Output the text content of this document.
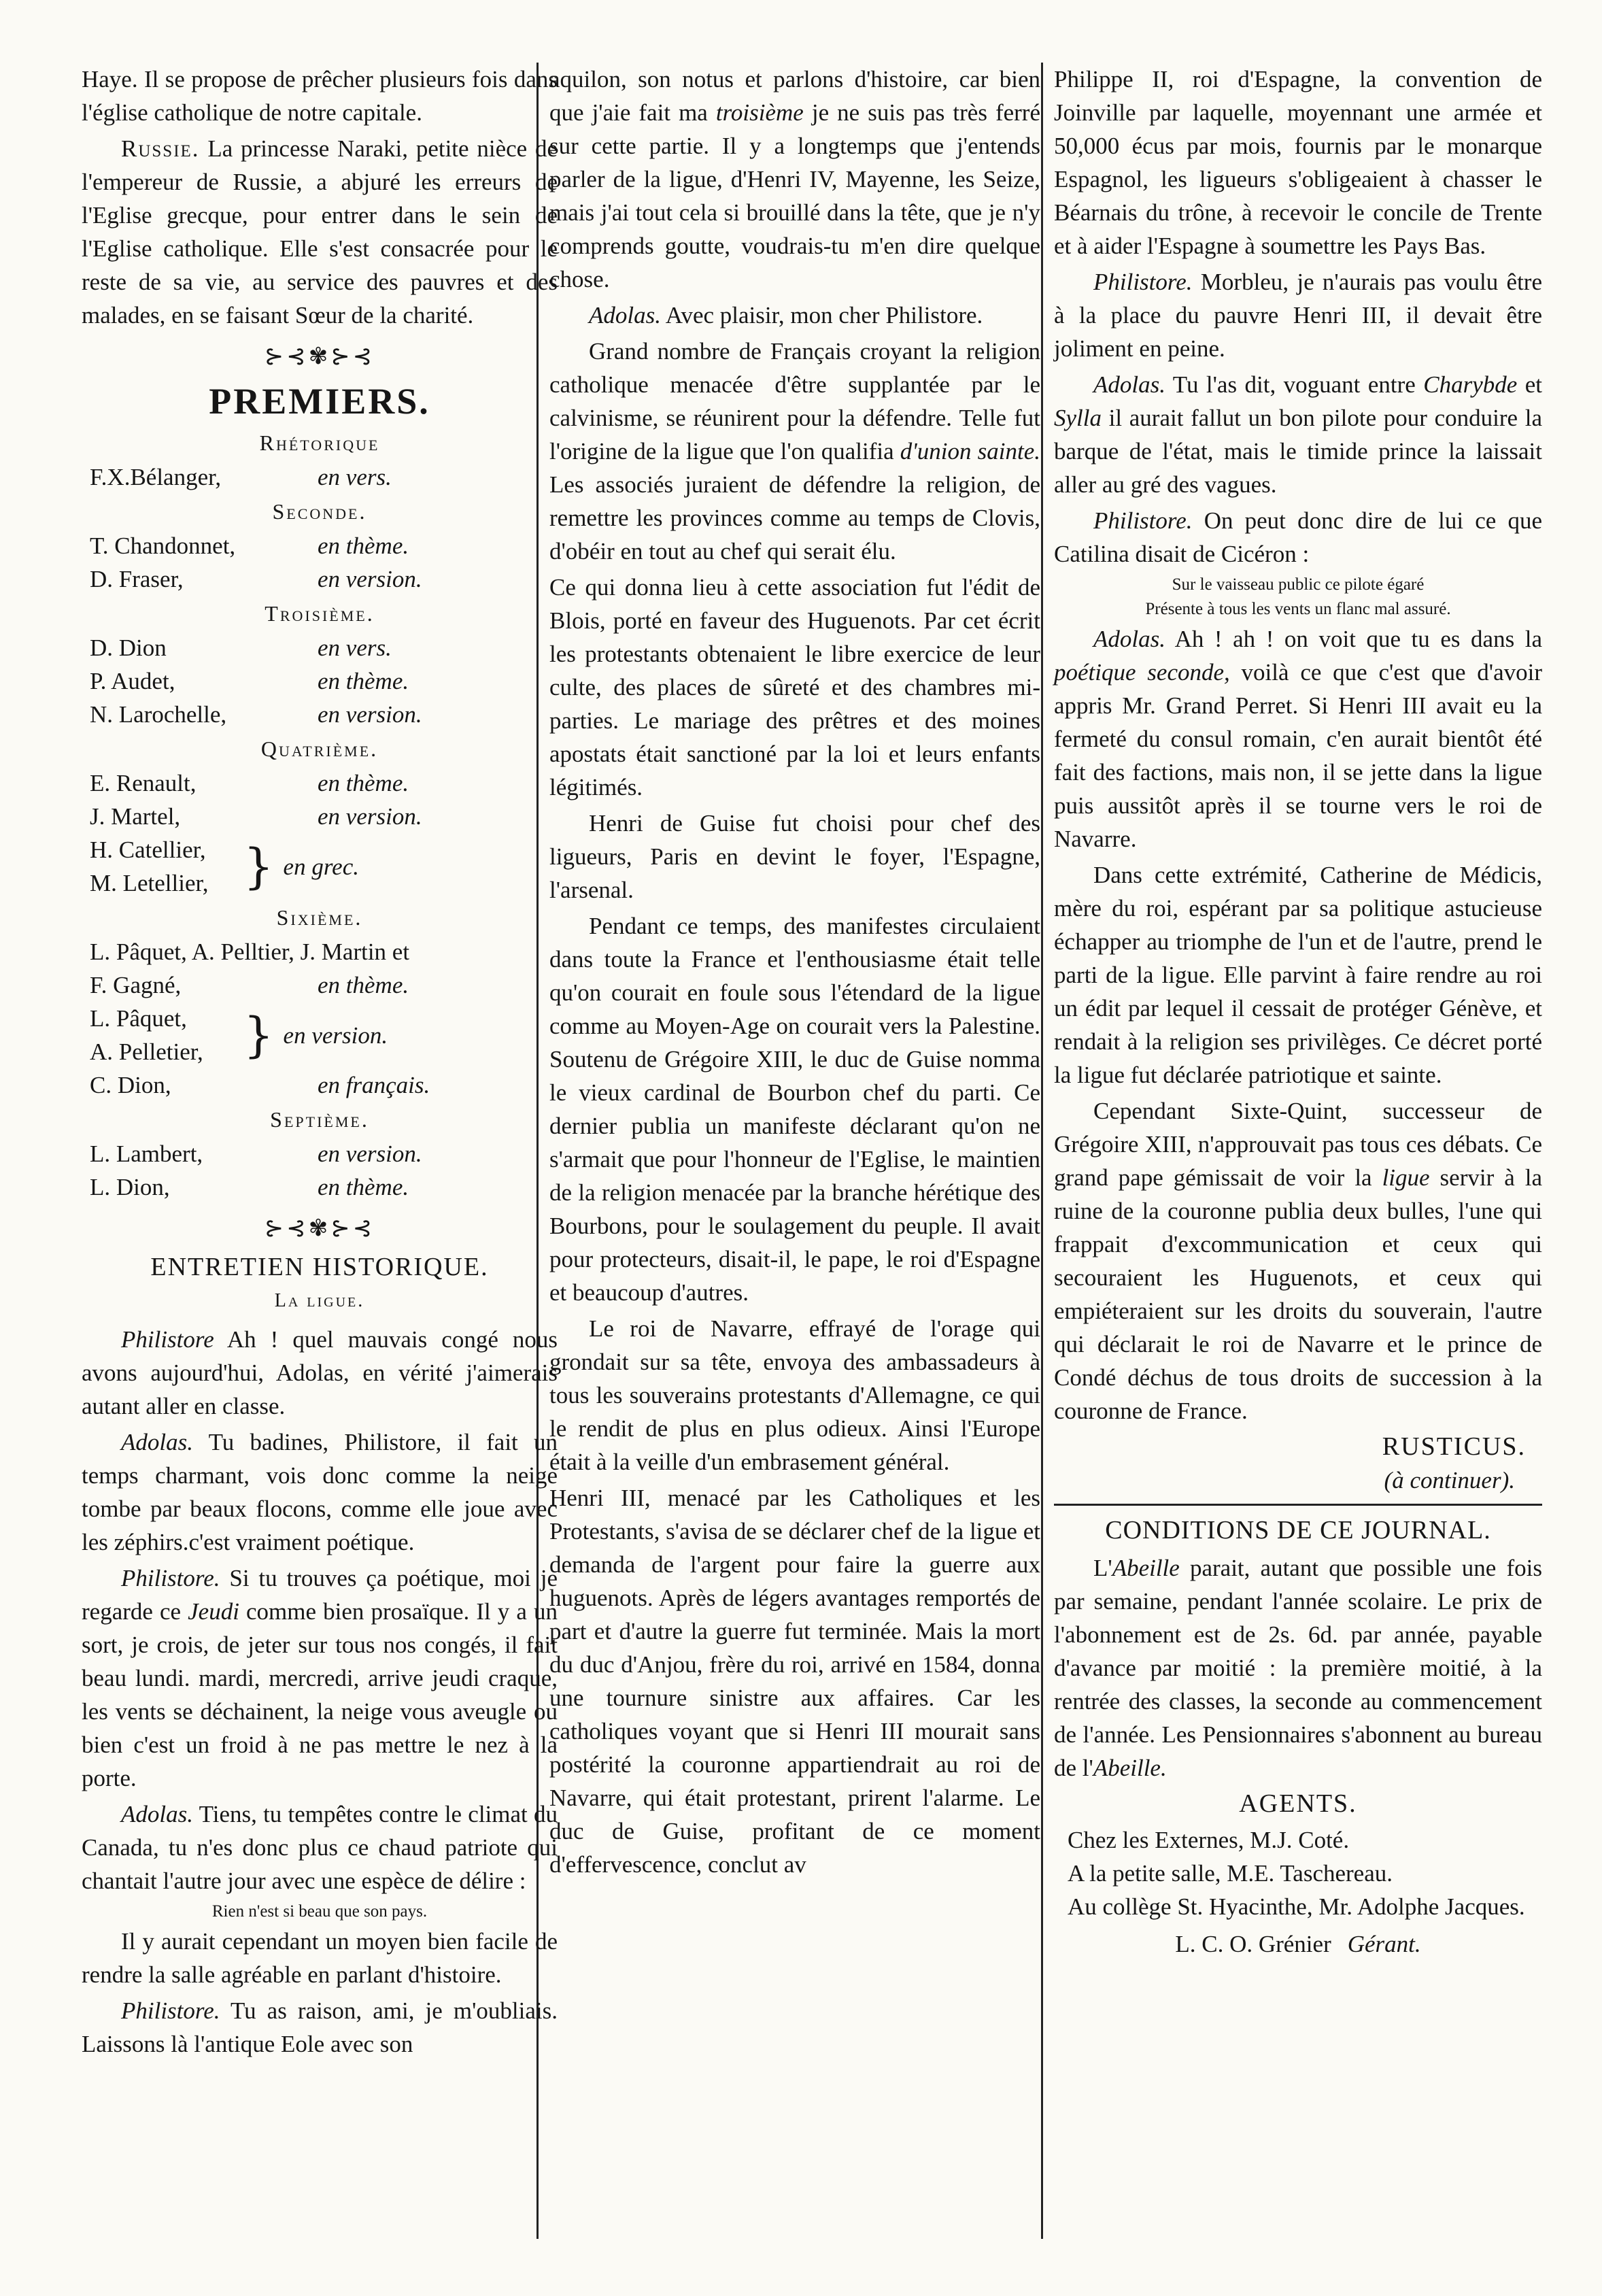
Haye. Il se propose de prêcher plusieurs fois dans l'église catholique de notre capitale.

Russie. La princesse Naraki, petite nièce de l'empereur de Russie, a abjuré les erreurs de l'Eglise grecque, pour entrer dans le sein de l'Eglise catholique. Elle s'est consacrée pour le reste de sa vie, au service des pauvres et des malades, en se faisant Sœur de la charité.

⊱⊰✾⊱⊰
PREMIERS.
Rhétorique
F.X.Bélanger,	en vers.
Seconde.
T. Chandonnet,	en thème.
D. Fraser,	en version.
Troisième.
D. Dion	en vers.
P. Audet,	en thème.
N. Larochelle,	en version.
Quatrième.
E. Renault,	en thème.
J. Martel,	en version.
H. Catellier,
M. Letellier, } en grec.
Sixième.
L. Pâquet, A. Pelltier, J. Martin et
F. Gagné,	en thème.
L. Pâquet,
A. Pelletier, } en version.
C. Dion,	en français.
Septième.
L. Lambert,	en version.
L. Dion,	en thème.
⊱⊰✾⊱⊰
ENTRETIEN HISTORIQUE.
La ligue.

Philistore Ah ! quel mauvais congé nous avons aujourd'hui, Adolas, en vérité j'aimerais autant aller en classe.

Adolas. Tu badines, Philistore, il fait un temps charmant, vois donc comme la neige tombe par beaux flocons, comme elle joue avec les zéphirs.c'est vraiment poétique.

Philistore. Si tu trouves ça poétique, moi je regarde ce Jeudi comme bien prosaïque. Il y a un sort, je crois, de jeter sur tous nos congés, il fait beau lundi. mardi, mercredi, arrive jeudi craque, les vents se déchainent, la neige vous aveugle ou bien c'est un froid à ne pas mettre le nez à la porte.

Adolas. Tiens, tu tempêtes contre le climat du Canada, tu n'es donc plus ce chaud patriote qui chantait l'autre jour avec une espèce de délire :

Rien n'est si beau que son pays.

Il y aurait cependant un moyen bien facile de rendre la salle agréable en parlant d'histoire.

Philistore. Tu as raison, ami, je m'oubliais. Laissons là l'antique Eole avec son

aquilon, son notus et parlons d'histoire, car bien que j'aie fait ma troisième je ne suis pas très ferré sur cette partie. Il y a longtemps que j'entends parler de la ligue, d'Henri IV, Mayenne, les Seize, mais j'ai tout cela si brouillé dans la tête, que je n'y comprends goutte, voudrais-tu m'en dire quelque chose.

Adolas. Avec plaisir, mon cher Philistore.

Grand nombre de Français croyant la religion catholique menacée d'être supplantée par le calvinisme, se réunirent pour la défendre. Telle fut l'origine de la ligue que l'on qualifia d'union sainte. Les associés juraient de défendre la religion, de remettre les provinces comme au temps de Clovis, d'obéir en tout au chef qui serait élu.

Ce qui donna lieu à cette association fut l'édit de Blois, porté en faveur des Huguenots. Par cet écrit les protestants obtenaient le libre exercice de leur culte, des places de sûreté et des chambres mi-parties. Le mariage des prêtres et des moines apostats était sanctioné par la loi et leurs enfants légitimés.

Henri de Guise fut choisi pour chef des ligueurs, Paris en devint le foyer, l'Espagne, l'arsenal.

Pendant ce temps, des manifestes circulaient dans toute la France et l'enthousiasme était telle qu'on courait en foule sous l'étendard de la ligue comme au Moyen-Age on courait vers la Palestine. Soutenu de Grégoire XIII, le duc de Guise nomma le vieux cardinal de Bourbon chef du parti. Ce dernier publia un manifeste déclarant qu'on ne s'armait que pour l'honneur de l'Eglise, le maintien de la religion menacée par la branche hérétique des Bourbons, pour le soulagement du peuple. Il avait pour protecteurs, disait-il, le pape, le roi d'Espagne et beaucoup d'autres.

Le roi de Navarre, effrayé de l'orage qui grondait sur sa tête, envoya des ambassadeurs à tous les souverains protestants d'Allemagne, ce qui le rendit de plus en plus odieux. Ainsi l'Europe était à la veille d'un embrasement général.

Henri III, menacé par les Catholiques et les Protestants, s'avisa de se déclarer chef de la ligue et demanda de l'argent pour faire la guerre aux huguenots. Après de légers avantages remportés de part et d'autre la guerre fut terminée. Mais la mort du duc d'Anjou, frère du roi, arrivé en 1584, donna une tournure sinistre aux affaires. Car les catholiques voyant que si Henri III mourait sans postérité la couronne appartiendrait au roi de Navarre, qui était protestant, prirent l'alarme. Le duc de Guise, profitant de ce moment d'effervescence, conclut av

Philippe II, roi d'Espagne, la convention de Joinville par laquelle, moyennant une armée et 50,000 écus par mois, fournis par le monarque Espagnol, les ligueurs s'obligeaient à chasser le Béarnais du trône, à recevoir le concile de Trente et à aider l'Espagne à soumettre les Pays Bas.

Philistore. Morbleu, je n'aurais pas voulu être à la place du pauvre Henri III, il devait être joliment en peine.

Adolas. Tu l'as dit, voguant entre Charybde et Sylla il aurait fallut un bon pilote pour conduire la barque de l'état, mais le timide prince la laissait aller au gré des vagues.

Philistore. On peut donc dire de lui ce que Catilina disait de Cicéron :

Sur le vaisseau public ce pilote égaré
Présente à tous les vents un flanc mal assuré.

Adolas. Ah ! ah ! on voit que tu es dans la poétique seconde, voilà ce que c'est que d'avoir appris Mr. Grand Perret. Si Henri III avait eu la fermeté du consul romain, c'en aurait bientôt été fait des factions, mais non, il se jette dans la ligue puis aussitôt après il se tourne vers le roi de Navarre.

Dans cette extrémité, Catherine de Médicis, mère du roi, espérant par sa politique astucieuse échapper au triomphe de l'un et de l'autre, prend le parti de la ligue. Elle parvint à faire rendre au roi un édit par lequel il cessait de protéger Génève, et rendait à la religion ses privilèges. Ce décret porté la ligue fut déclarée patriotique et sainte.

Cependant Sixte-Quint, successeur de Grégoire XIII, n'approuvait pas tous ces débats. Ce grand pape gémissait de voir la ligue servir à la ruine de la couronne publia deux bulles, l'une qui frappait d'excommunication et ceux qui secouraient les Huguenots, et ceux qui empiéteraient sur les droits du souverain, l'autre qui déclarait le roi de Navarre et le prince de Condé déchus de tous droits de succession à la couronne de France.

RUSTICUS.
(à continuer).
CONDITIONS DE CE JOURNAL.

L'Abeille parait, autant que possible une fois par semaine, pendant l'année scolaire. Le prix de l'abonnement est de 2s. 6d. par année, payable d'avance par moitié : la première moitié, à la rentrée des classes, la seconde au commencement de l'année. Les Pensionnaires s'abonnent au bureau de l'Abeille.

AGENTS.

Chez les Externes, M.J. Coté.

A la petite salle, M.E. Taschereau.

Au collège St. Hyacinthe, Mr. Adolphe Jacques.

L. C. O. Grénier Gérant.
